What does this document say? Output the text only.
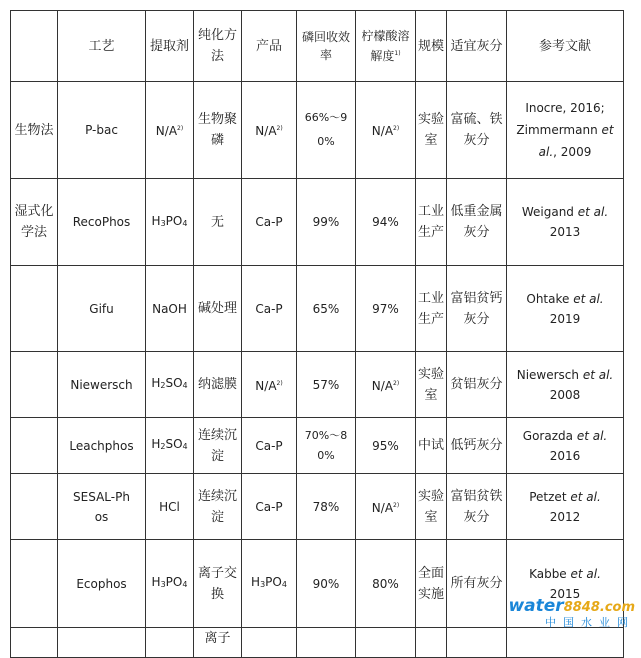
	工艺	提取剂	纯化方法	产品	磷回收效率	柠檬酸溶解度$^{1)}$	规模	适宜灰分	参考文献
生物法	P-bac	$N/A^{2)}$	生物聚磷	$N/A^{2)}$	66%～90%	$N/A^{2)}$	实验室	富硫、铁灰分	Inocre, 2016;
Zimmermann et al., 2009
湿式化学法	RecoPhos	$H_3PO_4$	无	Ca-P	99%	94%	工业生产	低重金属灰分	Weigand et al.
2013
	Gifu	NaOH	碱处理	Ca-P	65%	97%	工业生产	富铝贫钙灰分	Ohtake et al.
2019
	Niewersch	$H_2SO_4$	纳滤膜	$N/A^{2)}$	57%	$N/A^{2)}$	实验室	贫铝灰分	Niewersch et al.
2008
	Leachphos	$H_2SO_4$	连续沉淀	Ca-P	70%～80%	95%	中试	低钙灰分	Gorazda et al.
2016
	SESAL-Phos	HCl	连续沉淀	Ca-P	78%	$N/A^{2)}$	实验室	富铝贫铁灰分	Petzet et al.
2012
	Ecophos	$H_3PO_4$	离子交换	$H_3PO_4$	90%	80%	全面实施	所有灰分	Kabbe et al.
2015
			离子						
water8848.com
中国水业网
